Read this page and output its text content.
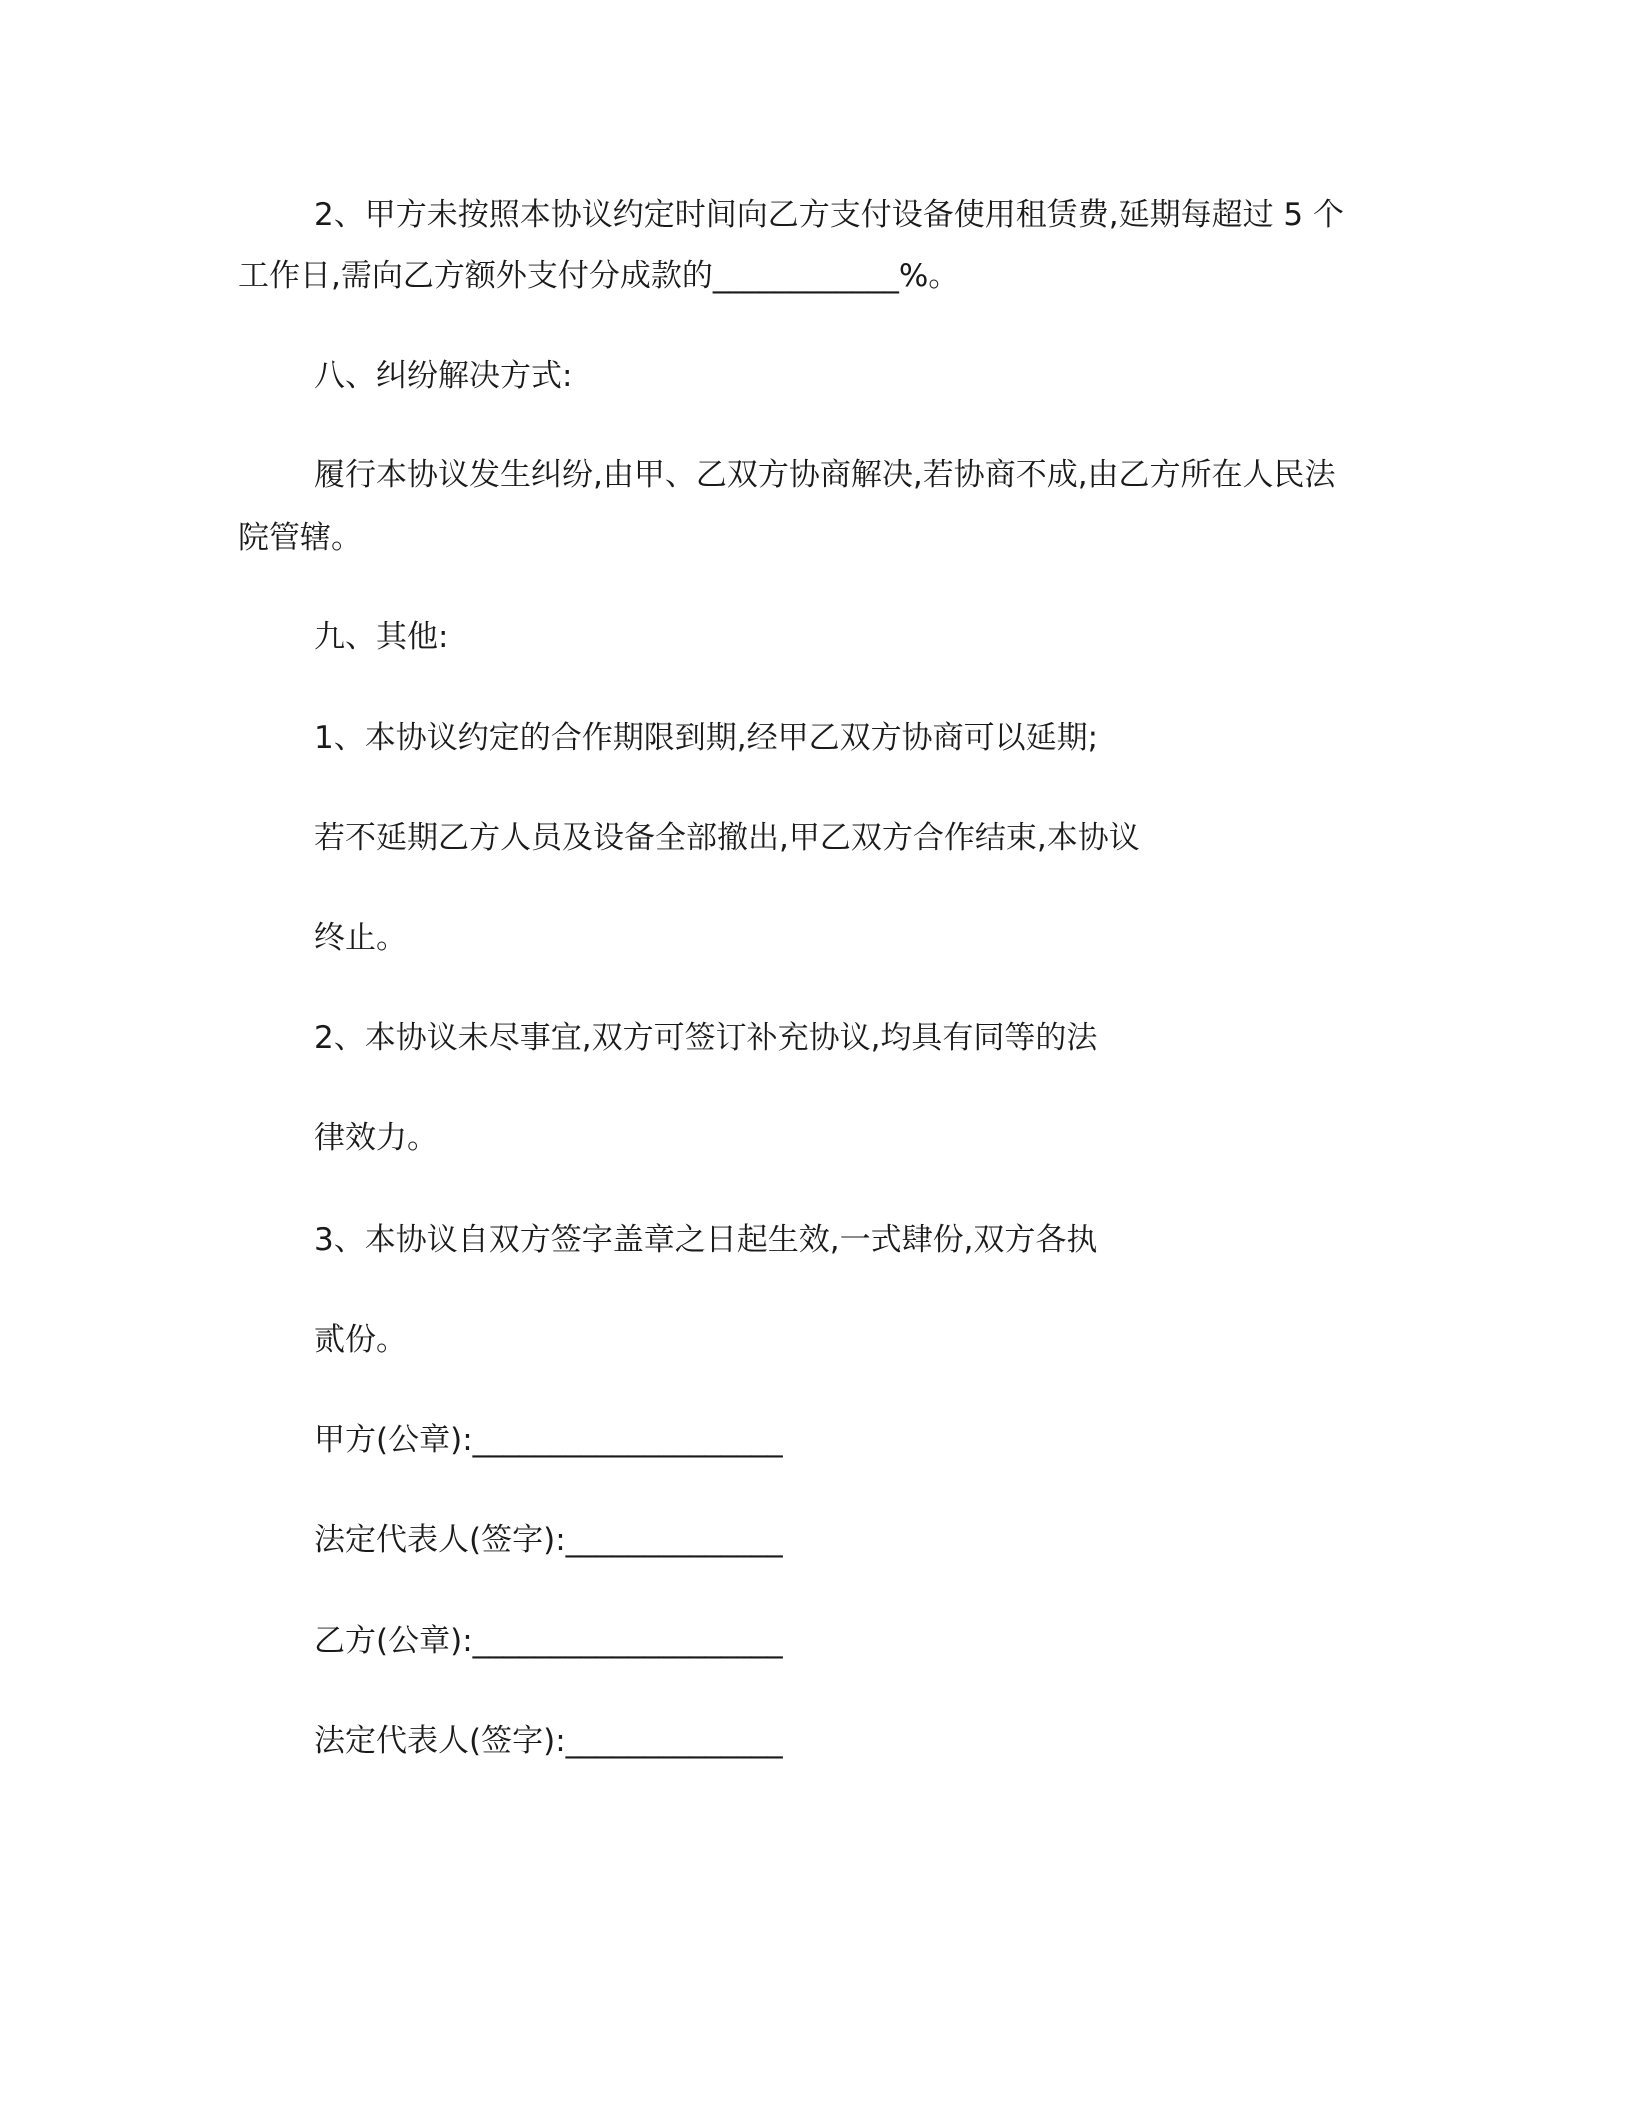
2、甲方未按照本协议约定时间向乙方支付设备使用租赁费,延期每超过 5 个
工作日,需向乙方额外支付分成款的____________%。
八、纠纷解决方式:
履行本协议发生纠纷,由甲、乙双方协商解决,若协商不成,由乙方所在人民法
院管辖。
九、其他:
1、本协议约定的合作期限到期,经甲乙双方协商可以延期;
若不延期乙方人员及设备全部撤出,甲乙双方合作结束,本协议
终止。
2、本协议未尽事宜,双方可签订补充协议,均具有同等的法
律效力。
3、本协议自双方签字盖章之日起生效,一式肆份,双方各执
贰份。
甲方(公章):____________________
法定代表人(签字):______________
乙方(公章):____________________
法定代表人(签字):______________
